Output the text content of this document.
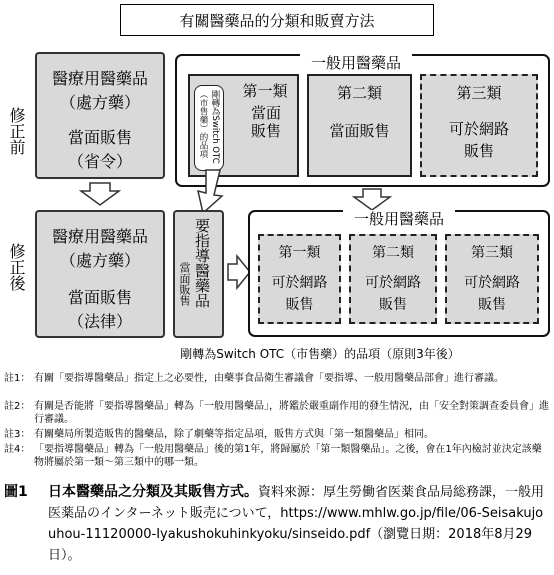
有關醫藥品的分類和販賣方法
修正前
修正後
醫療用醫藥品
（處方藥）
當面販售
（省令）
一般用醫藥品
剛轉為Switch OTC
（市售藥）的品項	第一類
當面販售
第二類
當面販售
第三類
可於網路
販售
醫療用醫藥品
（處方藥）
當面販售
（法律）
要指導醫藥品
當面販售
一般用醫藥品
第一類
可於網路
販售
第二類
可於網路
販售
第三類
可於網路
販售
剛轉為Switch OTC（市售藥）的品項（原則3年後）
註1： 有關「要指導醫藥品」指定上之必要性，由藥事食品衛生審議會「要指導、一般用醫藥品部會」進行審議。
註2： 有關是否能將「要指導醫藥品」轉為「一般用醫藥品」，將鑑於嚴重副作用的發生情況，由「安全對策調查委員會」進行審議。
註3： 有關藥局所製造販售的醫藥品，除了劇藥等指定品項，販售方式與「第一類醫藥品」相同。
註4： 「要指導醫藥品」轉為「一般用醫藥品」後的第1年，將歸屬於「第一類醫藥品」。之後，會在1年內檢討並決定該藥物將屬於第一類～第三類中的哪一類。
圖1	日本醫藥品之分類及其販售方式。資料來源：厚生勞働省医薬食品局総務課，一般用医薬品のインターネット販売について，https://www.mhlw.go.jp/file/06-Seisakujouhou-11120000-Iyakushokuhinkyoku/sinseido.pdf（瀏覽日期：2018年8月29日）。
